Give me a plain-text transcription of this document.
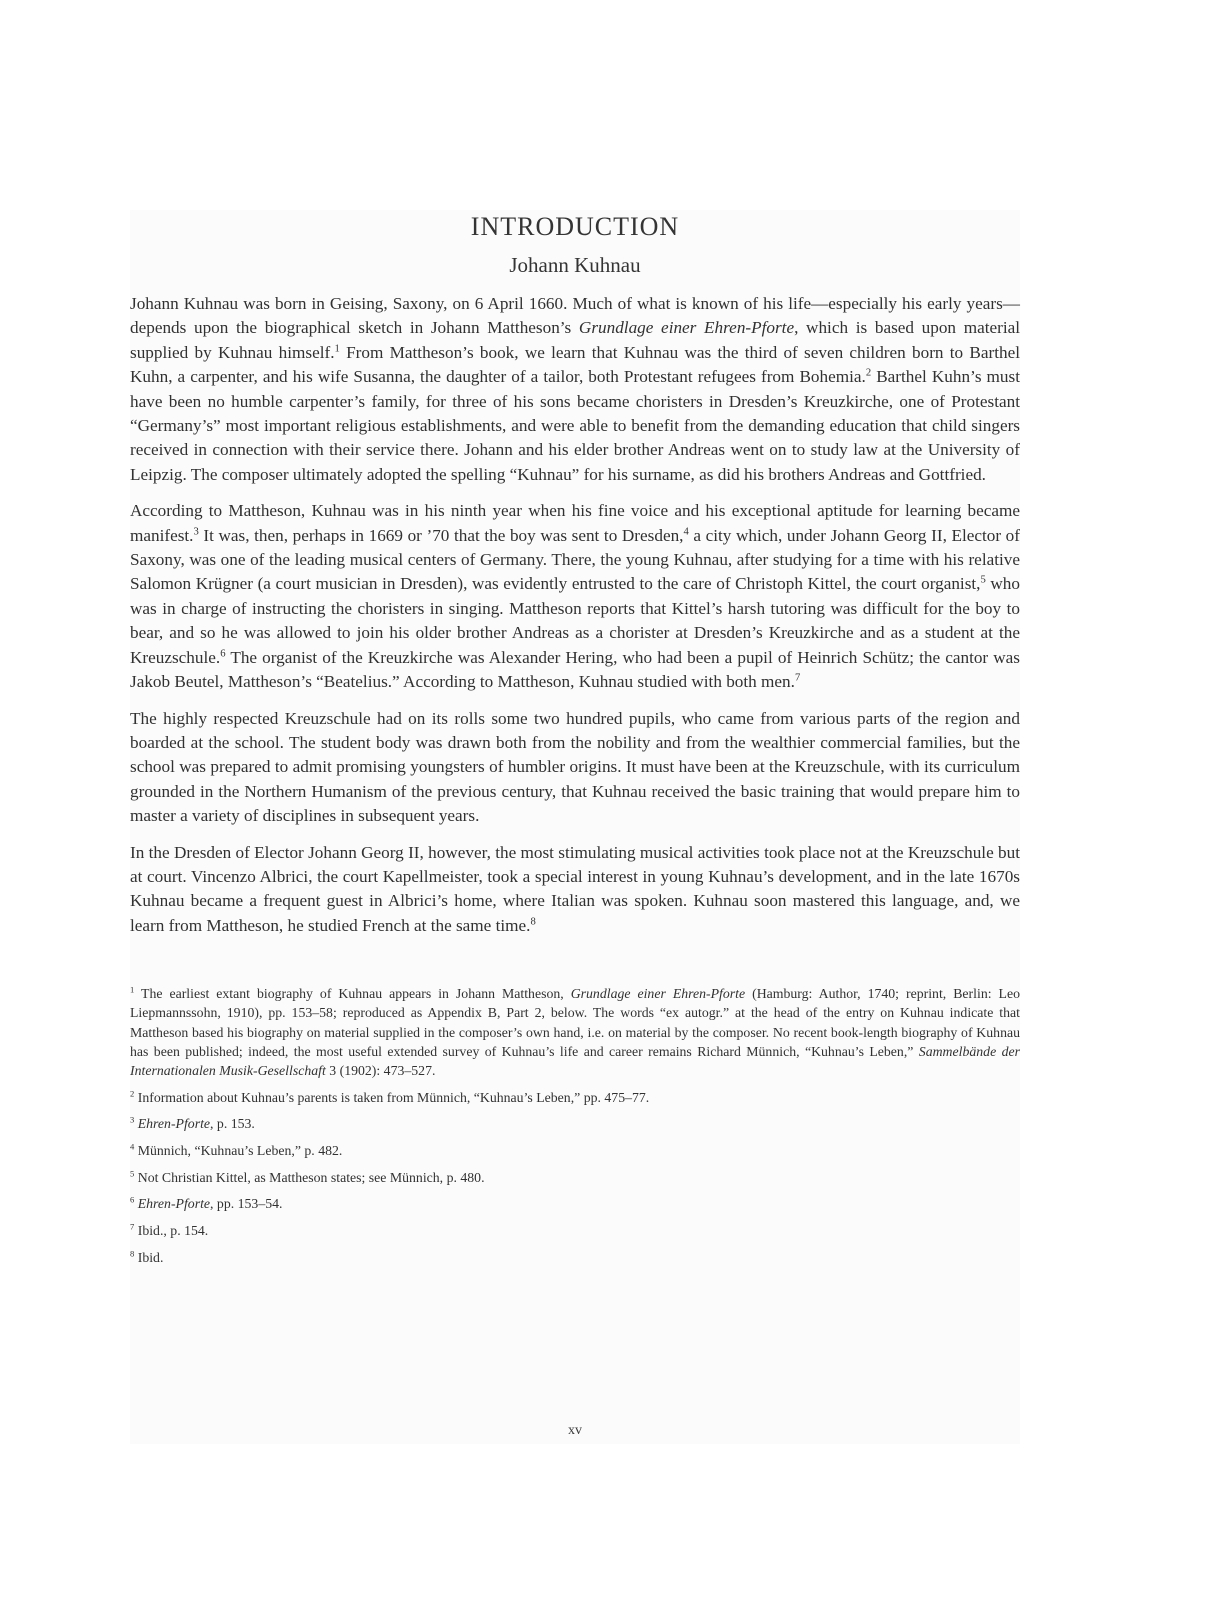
INTRODUCTION
Johann Kuhnau

Johann Kuhnau was born in Geising, Saxony, on 6 April 1660. Much of what is known of his life—especially his early years—depends upon the biographical sketch in Johann Mattheson’s Grundlage einer Ehren-Pforte, which is based upon material supplied by Kuhnau himself.$^1$ From Mattheson’s book, we learn that Kuhnau was the third of seven children born to Barthel Kuhn, a carpenter, and his wife Susanna, the daughter of a tailor, both Protestant refugees from Bohemia.$^2$ Barthel Kuhn’s must have been no humble carpenter’s family, for three of his sons became choristers in Dresden’s Kreuzkirche, one of Protestant “Germany’s” most important religious establishments, and were able to benefit from the demanding education that child singers received in connection with their service there. Johann and his elder brother Andreas went on to study law at the University of Leipzig. The composer ultimately adopted the spelling “Kuhnau” for his surname, as did his brothers Andreas and Gottfried.

According to Mattheson, Kuhnau was in his ninth year when his fine voice and his exceptional aptitude for learning became manifest.$^3$ It was, then, perhaps in 1669 or ’70 that the boy was sent to Dresden,$^4$ a city which, under Johann Georg II, Elector of Saxony, was one of the leading musical centers of Germany. There, the young Kuhnau, after studying for a time with his relative Salomon Krügner (a court musician in Dresden), was evidently entrusted to the care of Christoph Kittel, the court organist,$^5$ who was in charge of instructing the choristers in singing. Mattheson reports that Kittel’s harsh tutoring was difficult for the boy to bear, and so he was allowed to join his older brother Andreas as a chorister at Dresden’s Kreuzkirche and as a student at the Kreuzschule.$^6$ The organist of the Kreuzkirche was Alexander Hering, who had been a pupil of Heinrich Schütz; the cantor was Jakob Beutel, Mattheson’s “Beatelius.” According to Mattheson, Kuhnau studied with both men.$^7$

The highly respected Kreuzschule had on its rolls some two hundred pupils, who came from various parts of the region and boarded at the school. The student body was drawn both from the nobility and from the wealthier commercial families, but the school was prepared to admit promising youngsters of humbler origins. It must have been at the Kreuzschule, with its curriculum grounded in the Northern Humanism of the previous century, that Kuhnau received the basic training that would prepare him to master a variety of disciplines in subsequent years.

In the Dresden of Elector Johann Georg II, however, the most stimulating musical activities took place not at the Kreuzschule but at court. Vincenzo Albrici, the court Kapellmeister, took a special interest in young Kuhnau’s development, and in the late 1670s Kuhnau became a frequent guest in Albrici’s home, where Italian was spoken. Kuhnau soon mastered this language, and, we learn from Mattheson, he studied French at the same time.$^8$

$^1$ The earliest extant biography of Kuhnau appears in Johann Mattheson, Grundlage einer Ehren-Pforte (Hamburg: Author, 1740; reprint, Berlin: Leo Liepmannssohn, 1910), pp. 153–58; reproduced as Appendix B, Part 2, below. The words “ex autogr.” at the head of the entry on Kuhnau indicate that Mattheson based his biography on material supplied in the composer’s own hand, i.e. on material by the composer. No recent book-length biography of Kuhnau has been published; indeed, the most useful extended survey of Kuhnau’s life and career remains Richard Münnich, “Kuhnau’s Leben,” Sammelbände der Internationalen Musik-Gesellschaft 3 (1902): 473–527.

$^2$ Information about Kuhnau’s parents is taken from Münnich, “Kuhnau’s Leben,” pp. 475–77.

$^3$ Ehren-Pforte, p. 153.

$^4$ Münnich, “Kuhnau’s Leben,” p. 482.

$^5$ Not Christian Kittel, as Mattheson states; see Münnich, p. 480.

$^6$ Ehren-Pforte, pp. 153–54.

$^7$ Ibid., p. 154.

$^8$ Ibid.

xv
